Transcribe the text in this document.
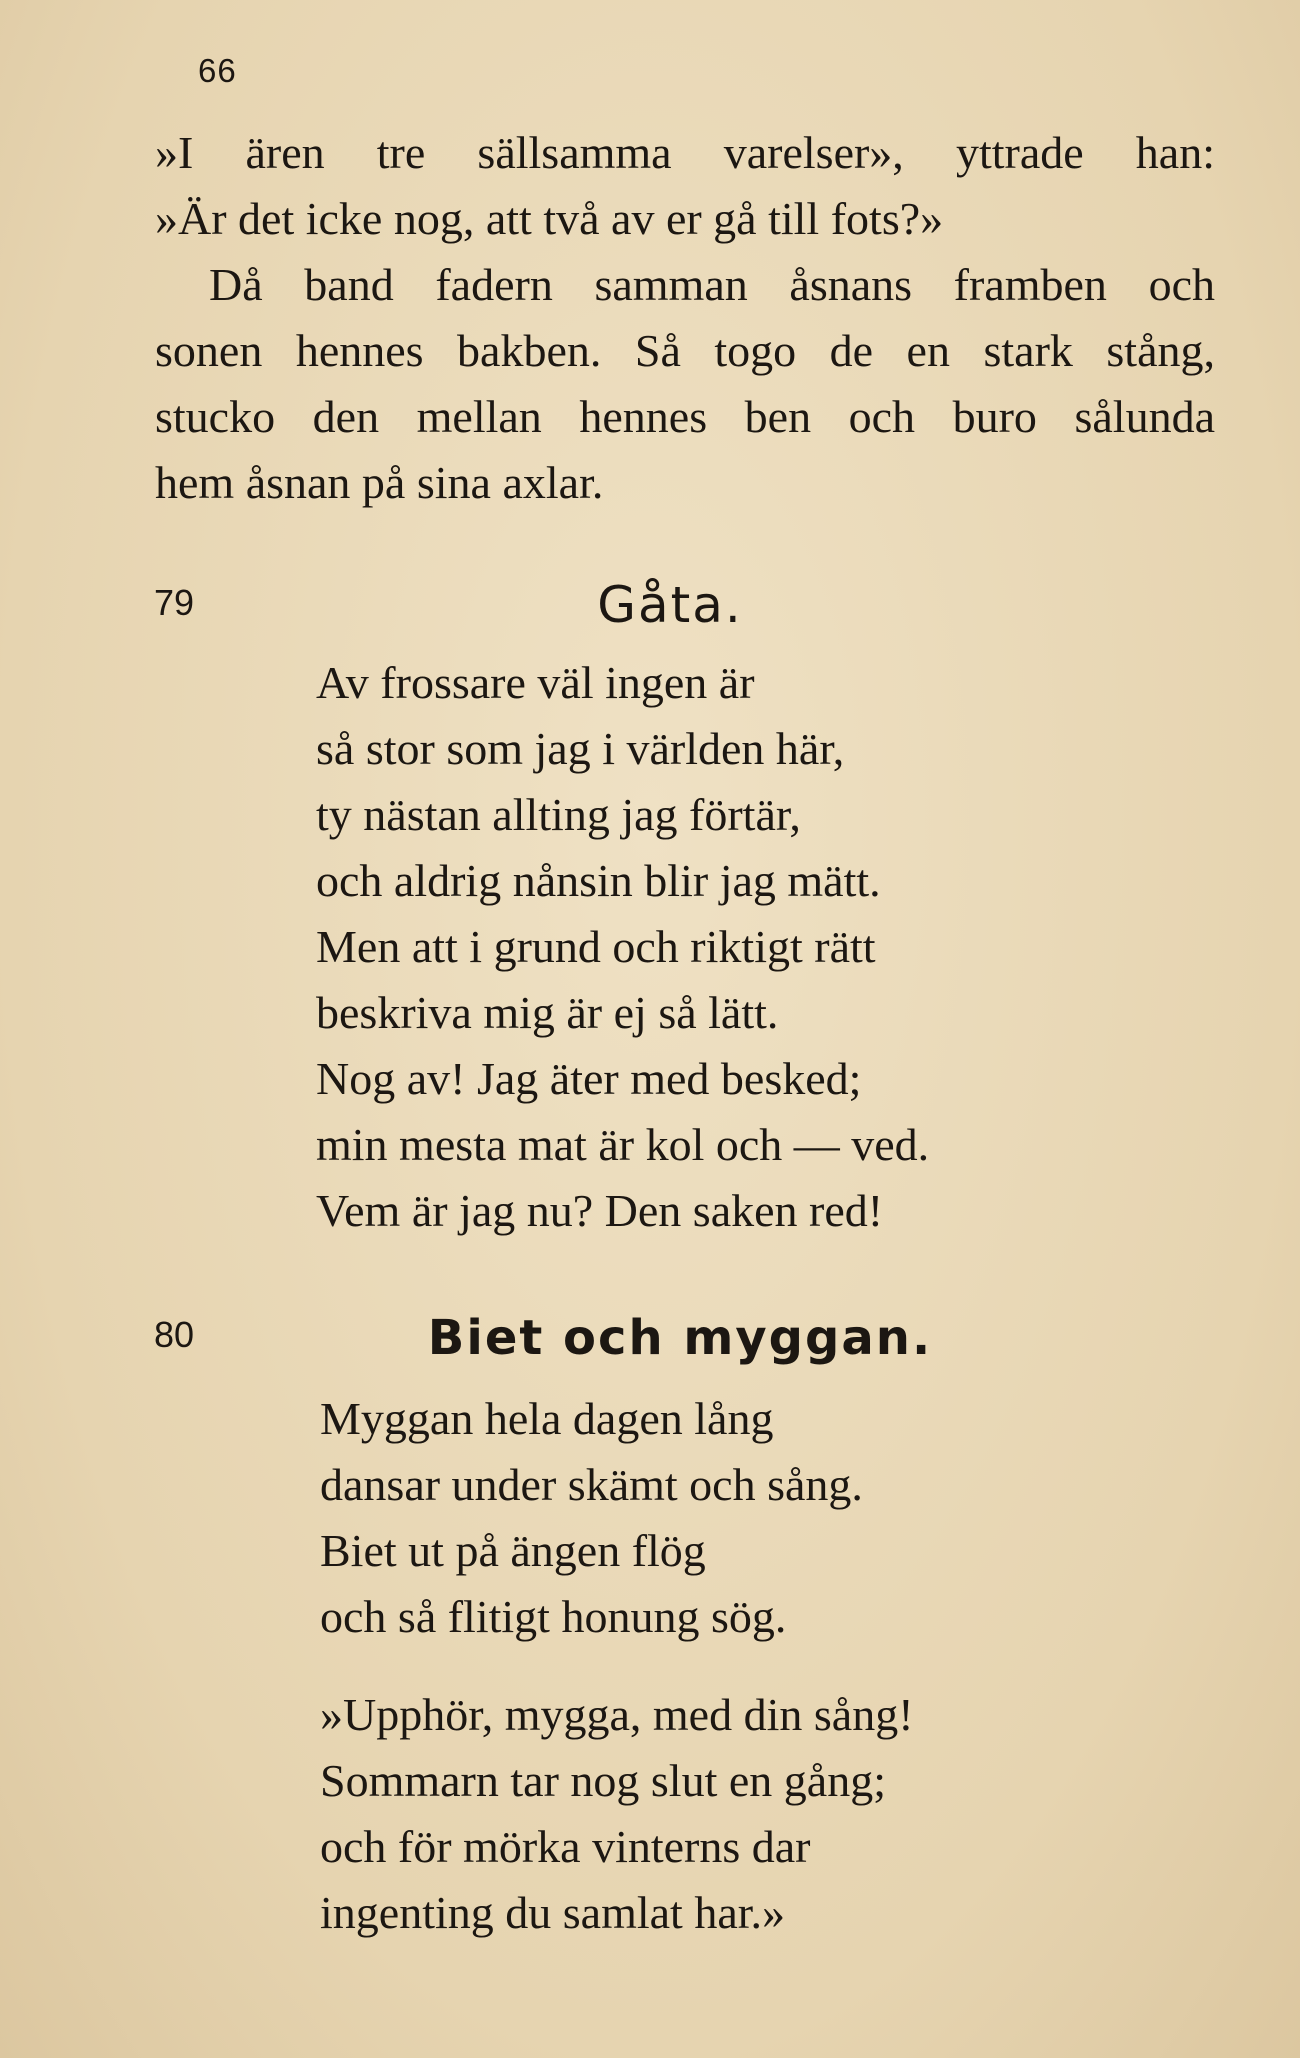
66
»I ären tre sällsamma varelser», yttrade han:
»Är det icke nog, att två av er gå till fots?»
Då band fadern samman åsnans framben och
sonen hennes bakben. Så togo de en stark stång,
stucko den mellan hennes ben och buro sålunda
hem åsnan på sina axlar.
79	Gåta.
Av frossare väl ingen är
så stor som jag i världen här,
ty nästan allting jag förtär,
och aldrig nånsin blir jag mätt.
Men att i grund och riktigt rätt
beskriva mig är ej så lätt.
Nog av! Jag äter med besked;
min mesta mat är kol och — ved.
Vem är jag nu? Den saken red!
80	Biet och myggan.
Myggan hela dagen lång
dansar under skämt och sång.
Biet ut på ängen flög
och så flitigt honung sög.
»Upphör, mygga, med din sång!
Sommarn tar nog slut en gång;
och för mörka vinterns dar
ingenting du samlat har.»
